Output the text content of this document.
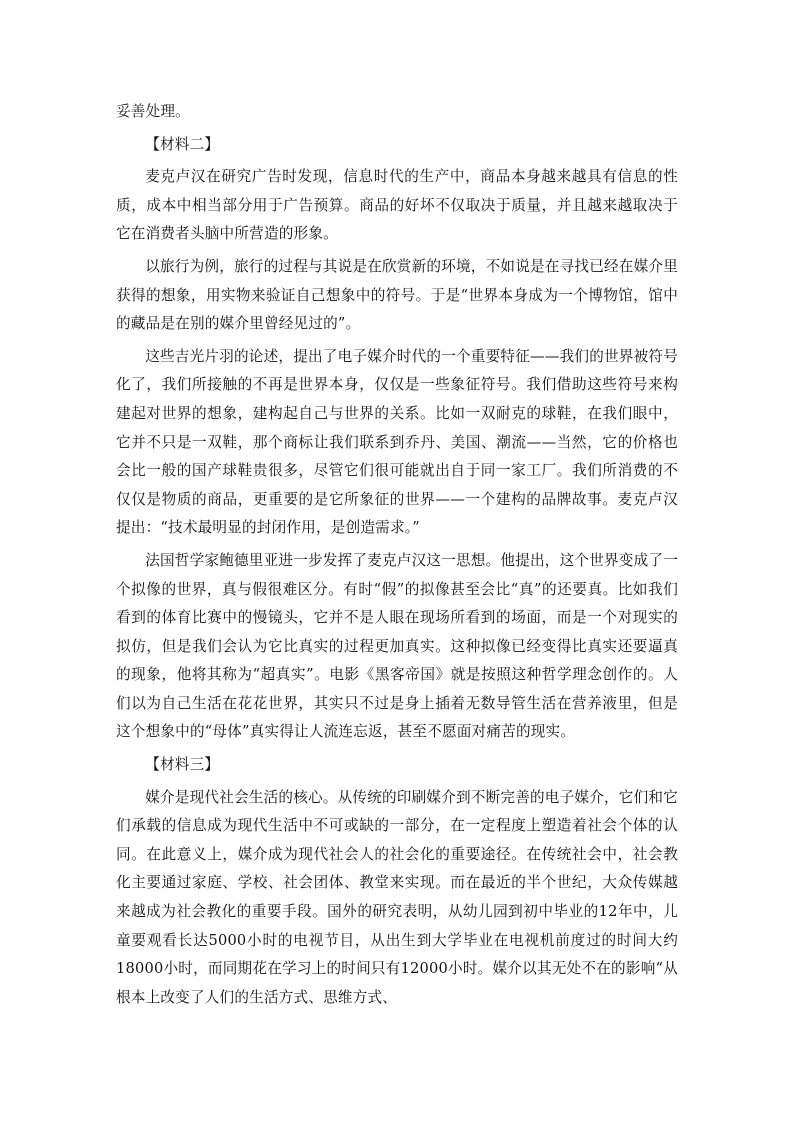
妥善处理。

【材料二】

麦克卢汉在研究广告时发现，信息时代的生产中，商品本身越来越具有信息的性质，成本中相当部分用于广告预算。商品的好坏不仅取决于质量，并且越来越取决于它在消费者头脑中所营造的形象。

以旅行为例，旅行的过程与其说是在欣赏新的环境，不如说是在寻找已经在媒介里获得的想象，用实物来验证自己想象中的符号。于是“世界本身成为一个博物馆，馆中的藏品是在别的媒介里曾经见过的”。

这些吉光片羽的论述，提出了电子媒介时代的一个重要特征——我们的世界被符号化了，我们所接触的不再是世界本身，仅仅是一些象征符号。我们借助这些符号来构建起对世界的想象，建构起自己与世界的关系。比如一双耐克的球鞋，在我们眼中，它并不只是一双鞋，那个商标让我们联系到乔丹、美国、潮流——当然，它的价格也会比一般的国产球鞋贵很多，尽管它们很可能就出自于同一家工厂。我们所消费的不仅仅是物质的商品，更重要的是它所象征的世界——一个建构的品牌故事。麦克卢汉提出：“技术最明显的封闭作用，是创造需求。”

法国哲学家鲍德里亚进一步发挥了麦克卢汉这一思想。他提出，这个世界变成了一个拟像的世界，真与假很难区分。有时“假”的拟像甚至会比“真”的还要真。比如我们看到的体育比赛中的慢镜头，它并不是人眼在现场所看到的场面，而是一个对现实的拟仿，但是我们会认为它比真实的过程更加真实。这种拟像已经变得比真实还要逼真的现象，他将其称为“超真实”。电影《黑客帝国》就是按照这种哲学理念创作的。人们以为自己生活在花花世界，其实只不过是身上插着无数导管生活在营养液里，但是这个想象中的“母体”真实得让人流连忘返，甚至不愿面对痛苦的现实。

【材料三】

媒介是现代社会生活的核心。从传统的印刷媒介到不断完善的电子媒介，它们和它们承载的信息成为现代生活中不可或缺的一部分，在一定程度上塑造着社会个体的认同。在此意义上，媒介成为现代社会人的社会化的重要途径。在传统社会中，社会教化主要通过家庭、学校、社会团体、教堂来实现。而在最近的半个世纪，大众传媒越来越成为社会教化的重要手段。国外的研究表明，从幼儿园到初中毕业的12年中，儿童要观看长达5000小时的电视节目，从出生到大学毕业在电视机前度过的时间大约18000小时，而同期花在学习上的时间只有12000小时。媒介以其无处不在的影响“从根本上改变了人们的生活方式、思维方式、
